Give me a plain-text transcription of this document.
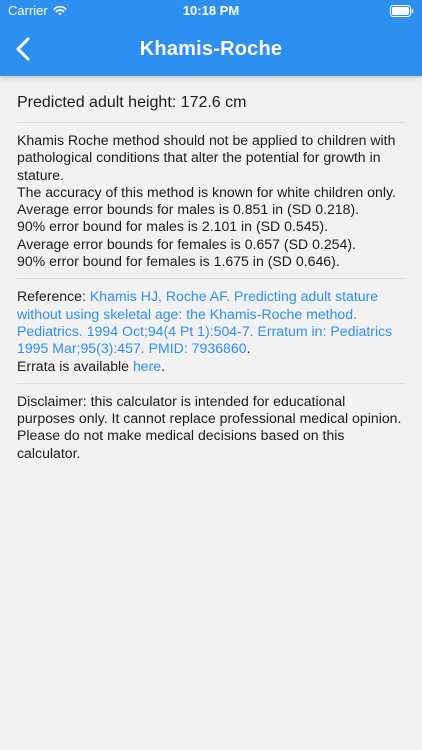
Carrier	10:18 PM
Khamis-Roche
Predicted adult height: 172.6 cm

Khamis Roche method should not be applied to children with pathological conditions that alter the potential for growth in stature.

The accuracy of this method is known for white children only.

Average error bounds for males is 0.851 in (SD 0.218).

90% error bound for males is 2.101 in (SD 0.545).

Average error bounds for females is 0.657 (SD 0.254).

90% error bound for females is 1.675 in (SD 0.646).

Reference: Khamis HJ, Roche AF. Predicting adult stature without using skeletal age: the Khamis-Roche method. Pediatrics. 1994 Oct;94(4 Pt 1):504-7. Erratum in: Pediatrics 1995 Mar;95(3):457. PMID: 7936860.

Errata is available here.

Disclaimer: this calculator is intended for educational purposes only. It cannot replace professional medical opinion. Please do not make medical decisions based on this calculator.
